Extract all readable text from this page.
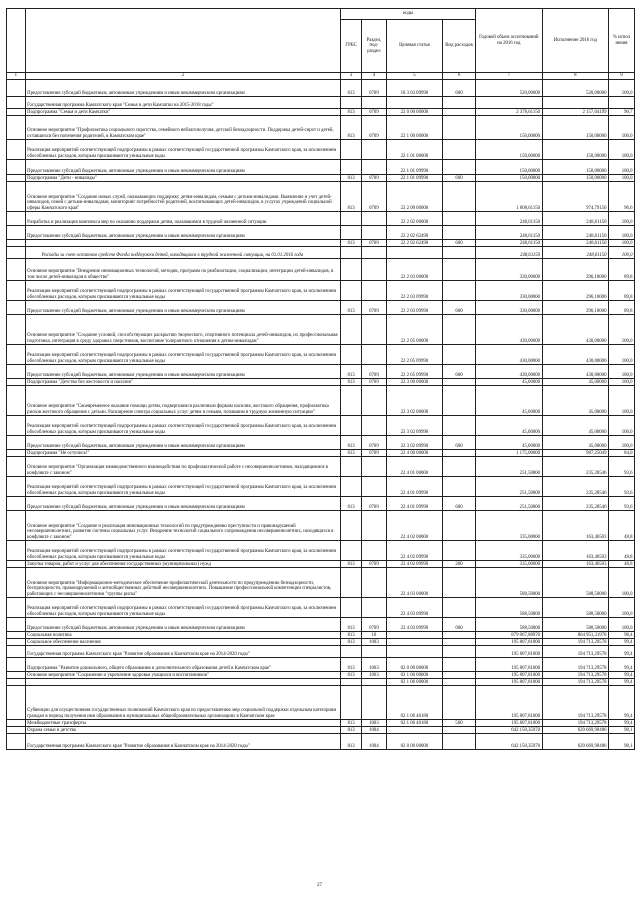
		коды				Годовой объем ассигнований на 2016 год	Исполнение 2016 год	% испол нения
		ГРБС	Раздел, под-раздел	Целевая статья	Вид расходов			
1	2	3	4	5	6	7	8	9
	Предоставление субсидий бюджетным, автономным учреждениям и иным некоммерческим организациям	813	0709	18 3 03 09990	600	520,00000	520,00000	100,0
	Государственная программа Камчатского края "Семья и дети Камчатки на 2015-2018 годы"							
	Подпрограмма "Семья и дети Камчатки"	813	0709	22 0 00 00000		2 378,61150	2 157,04199	90,7
	Основное мероприятие "Профилактика социального сиротства, семейного неблагополучия, детской безнадзорности. Поддержка детей-сирот и детей, оставшихся без попечения родителей, в Камчатском крае"	813	0709	22 1 00 00000		150,00000	150,00000	100,0
	Реализация мероприятий соответствующей подпрограммы в рамках соответствующей государственной программы Камчатского края, за исключением обособленных расходов, которым присваиваются уникальные коды			22 1 01 00000		150,00000	150,00000	100,0
	Предоставление субсидий бюджетным, автономным учреждениям и иным некоммерческим организациям			22 1 01 09990		150,00000	150,00000	100,0
	Подпрограмма "Дети - инвалиды"	813	0709	22 1 01 09990	600	150,00000	150,00000	100,0
	Основное мероприятие "Создание новых служб, оказывающих поддержку детям-инвалидам, семьям с детьми-инвалидами. Выявление и учет детей-инвалидов, семей с детьми-инвалидами, мониторинг потребностей родителей, воспитывающих детей-инвалидов, в услугах учреждений социальной сферы Камчатского края"	813	0709	22 2 00 00000		1 008,61150	974,79150	96,6
	Разработка и реализация комплекса мер по оказанию поддержки детям, оказавшимся в трудной жизненной ситуации			22 2 02 00000		248,61150	248,61150	100,0
	Предоставление субсидий бюджетным, автономным учреждениям и иным некоммерческим организациям			22 2 02 62490		248,61150	248,61150	100,0
		813	0709	22 2 02 62490	600	248,61150	248,61150	100,0
	Расходы за счет остатков средств Фонда поддержки детей, находящихся в трудной жизненной ситуации, на 01.01.2016 года					248,61150	248,61150	100,0
	Основное мероприятие "Внедрение инновационных технологий, методик, программ по реабилитации, социализации, интеграции детей-инвалидов, в том числе детей-инвалидов в общество"			22 2 03 00000		330,00000	296,18000	89,8
	Реализация мероприятий соответствующей подпрограммы в рамках соответствующей государственной программы Камчатского края, за исключением обособленных расходов, которым присваиваются уникальные коды			22 2 03 09990		330,00000	296,18000	89,8
	Предоставление субсидий бюджетным, автономным учреждениям и иным некоммерческим организациям	813	0709	22 2 03 09990	600	330,00000	296,18000	89,8
	Основное мероприятие "Создание условий, способствующих раскрытию творческого, спортивного потенциала детей-инвалидов, их профессиональная подготовка, интеграция в среду здоровых сверстников, воспитание толерантного отношения к детям-инвалидам"			22 2 05 00000		430,00000	430,00000	100,0
	Реализация мероприятий соответствующей подпрограммы в рамках соответствующей государственной программы Камчатского края, за исключением обособленных расходов, которым присваиваются уникальные коды			22 2 05 09990		430,00000	430,00000	100,0
	Предоставление субсидий бюджетным, автономным учреждениям и иным некоммерческим организациям	813	0709	22 2 05 09990	600	430,00000	430,00000	100,0
	Подпрограмма "Детство без жестокости и насилия"	813	0709	22 3 00 00000		45,00000	45,00000	100,0
	Основное мероприятие "Своевременное оказание помощи детям, подвергшимся различным формам насилия, жестокого обращения, профилактика рисков жестокого обращения с детьми. Расширение спектра социальных услуг детям и семьям, попавшим в трудную жизненную ситуацию"			22 3 02 00000		45,00000	45,00000	100,0
	Реализация мероприятий соответствующей подпрограммы в рамках соответствующей государственной программы Камчатского края, за исключением обособленных расходов, которым присваиваются уникальные коды			22 3 02 09990		45,00000	45,00000	100,0
	Предоставление субсидий бюджетным, автономным учреждениям и иным некоммерческим организациям	813	0709	22 3 02 09990	600	45,00000	45,00000	100,0
	Подпрограмма "Не оступись!"	813	0709	22 4 00 00000		1 175,00000	987,25049	84,0
	Основное мероприятие "Организация межведомственного взаимодействия по профилактической работе с несовершеннолетними, находящимися в конфликте с законом"			22 4 01 00000		251,50000	235,28546	93,6
	Реализация мероприятий соответствующей подпрограммы в рамках соответствующей государственной программы Камчатского края, за исключением обособленных расходов, которым присваиваются уникальные коды			22 4 01 09990		251,50000	235,28546	93,6
	Предоставление субсидий бюджетным, автономным учреждениям и иным некоммерческим организациям	813	0709	22 4 01 09990	600	251,50000	235,28546	93,6
	Основное мероприятие "Создание и реализация инновационных технологий по предупреждению преступности и правонарушений несовершеннолетних, развитие системы социальных услуг. Внедрение технологий социального сопровождения несовершеннолетних, находящихся в конфликте с законом"			22 4 02 00000		335,00000	163,46503	48,8
	Реализация мероприятий соответствующей подпрограммы в рамках соответствующей государственной программы Камчатского края, за исключением обособленных расходов, которым присваиваются уникальные коды			22 4 02 09990		335,00000	163,46503	48,8
	Закупка товаров, работ и услуг для обеспечения государственных (муниципальных) нужд	813	0709	22 4 02 09990	200	335,00000	163,46503	48,8
	Основное мероприятие "Информационно-методическое обеспечение профилактической деятельности по предупреждению безнадзорности, беспризорности, правонарушений и антиобщественных действий несовершеннолетних. Повышение профессиональной компетенции специалистов, работающих с несовершеннолетними "группы риска"			22 4 03 00000		588,50000	588,50000	100,0
	Реализация мероприятий соответствующей подпрограммы в рамках соответствующей государственной программы Камчатского края, за исключением обособленных расходов, которым присваиваются уникальные коды			22 4 03 09990		588,50000	588,50000	100,0
	Предоставление субсидий бюджетным, автономным учреждениям и иным некоммерческим организациям	813	0709	22 4 03 09990	600	588,50000	588,50000	100,0
	Социальная политика	813	10			879 067,88970	864 951,31978	98,4
	Социальное обеспечение населения	813	1003			195 807,81000	194 713,29578	99,4
	Государственная программа Камчатского края "Развитие образования в Камчатском крае на 2014-2020 годы"					195 807,81000	194 713,29578	99,4
	Подпрограмма "Развитие дошкольного, общего образования и дополнительного образования детей в Камчатском крае"	813	1003	02 0 00 00000		195 807,81000	194 713,29578	99,4
	Основное мероприятие "Сохранение и укрепление здоровья учащихся и воспитанников"	813	1003	02 1 00 00000		195 807,81000	194 713,29578	99,4
				02 1 06 00000		195 807,81000	194 713,29578	99,4
	Субвенции для осуществления государственных полномочий Камчатского края по предоставлению мер социальной поддержки отдельным категориям граждан в период получения ими образования в муниципальных общеобразовательных организациях в Камчатском крае			02 1 06 40180		195 807,81000	194 713,29578	99,4
	Межбюджетные трансферты	813	1003	02 1 06 40180	500	195 807,81000	194 713,29578	99,4
	Охрана семьи и детства	813	1004			642 150,35970	629 669,98486	98,1
	Государственная программа Камчатского края "Развитие образования в Камчатском крае на 2014-2020 годы"	813	1004	02 0 00 00000		642 150,35970	629 669,98486	98,1
27
